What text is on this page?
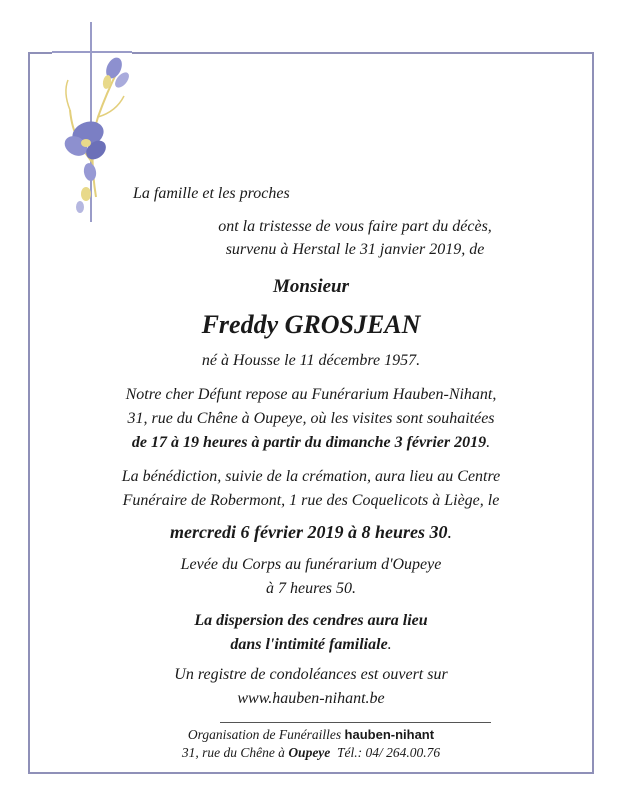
La famille et les proches
ont la tristesse de vous faire part du décès,
survenu à Herstal le 31 janvier 2019, de
Monsieur
Freddy GROSJEAN
né à Housse le 11 décembre 1957.
Notre cher Défunt repose au Funérarium Hauben-Nihant,
31, rue du Chêne à Oupeye, où les visites sont souhaitées
de 17 à 19 heures à partir du dimanche 3 février 2019.
La bénédiction, suivie de la crémation, aura lieu au Centre
Funéraire de Robermont, 1 rue des Coquelicots à Liège, le
mercredi 6 février 2019 à 8 heures 30.
Levée du Corps au funérarium d'Oupeye
à 7 heures 50.
La dispersion des cendres aura lieu
dans l'intimité familiale.
Un registre de condoléances est ouvert sur
www.hauben-nihant.be
Organisation de Funérailles hauben-nihant
31, rue du Chêne à Oupeye Tél.: 04/ 264.00.76
